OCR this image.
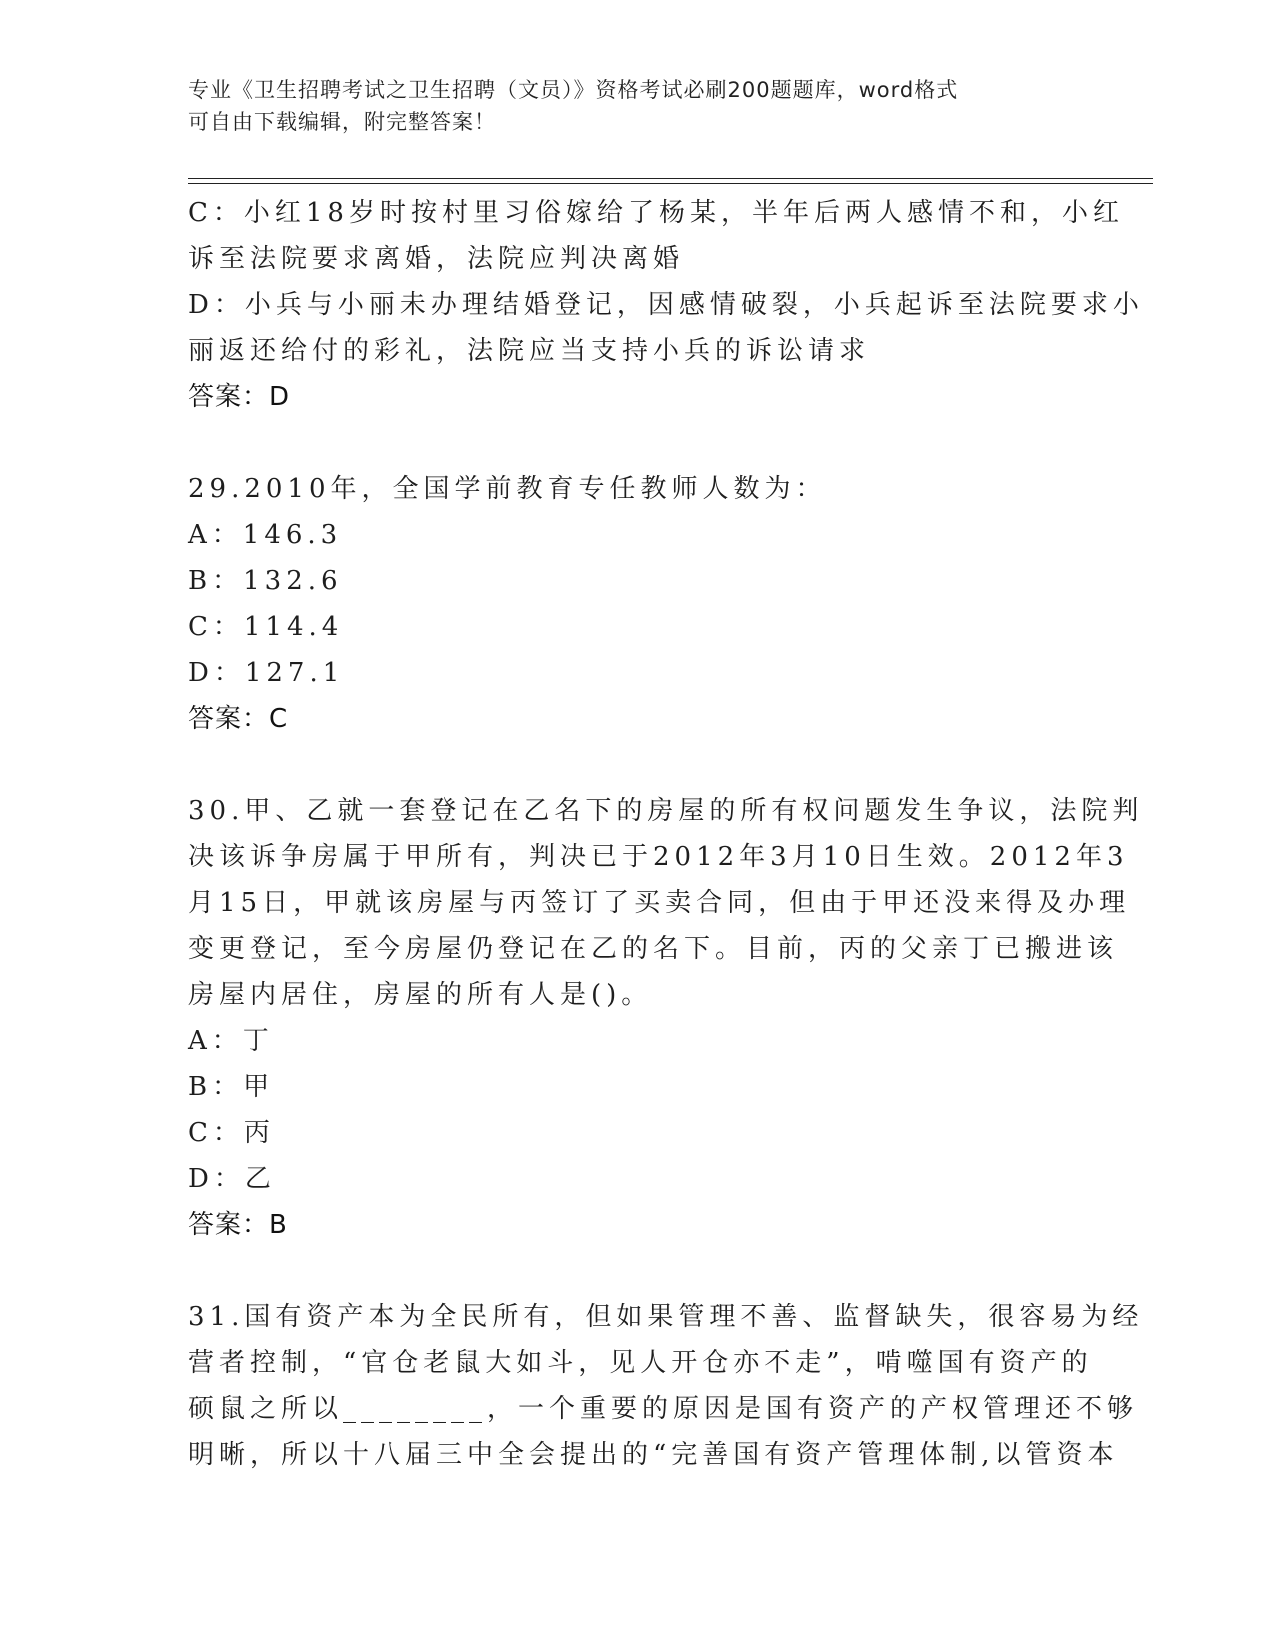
专业《卫生招聘考试之卫生招聘（文员）》资格考试必刷200题题库，word格式
可自由下载编辑，附完整答案！
C：小红18岁时按村里习俗嫁给了杨某，半年后两人感情不和，小红
诉至法院要求离婚，法院应判决离婚
D：小兵与小丽未办理结婚登记，因感情破裂，小兵起诉至法院要求小
丽返还给付的彩礼，法院应当支持小兵的诉讼请求
答案：D
29.2010年，全国学前教育专任教师人数为：
A：146.3
B：132.6
C：114.4
D：127.1
答案：C
30.甲、乙就一套登记在乙名下的房屋的所有权问题发生争议，法院判
决该诉争房属于甲所有，判决已于2012年3月10日生效。2012年3
月15日，甲就该房屋与丙签订了买卖合同，但由于甲还没来得及办理
变更登记，至今房屋仍登记在乙的名下。目前，丙的父亲丁已搬进该
房屋内居住，房屋的所有人是()。
A：丁
B：甲
C：丙
D：乙
答案：B
31.国有资产本为全民所有，但如果管理不善、监督缺失，很容易为经
营者控制，“官仓老鼠大如斗，见人开仓亦不走”，啃噬国有资产的
硕鼠之所以________，一个重要的原因是国有资产的产权管理还不够
明晰，所以十八届三中全会提出的“完善国有资产管理体制,以管资本
